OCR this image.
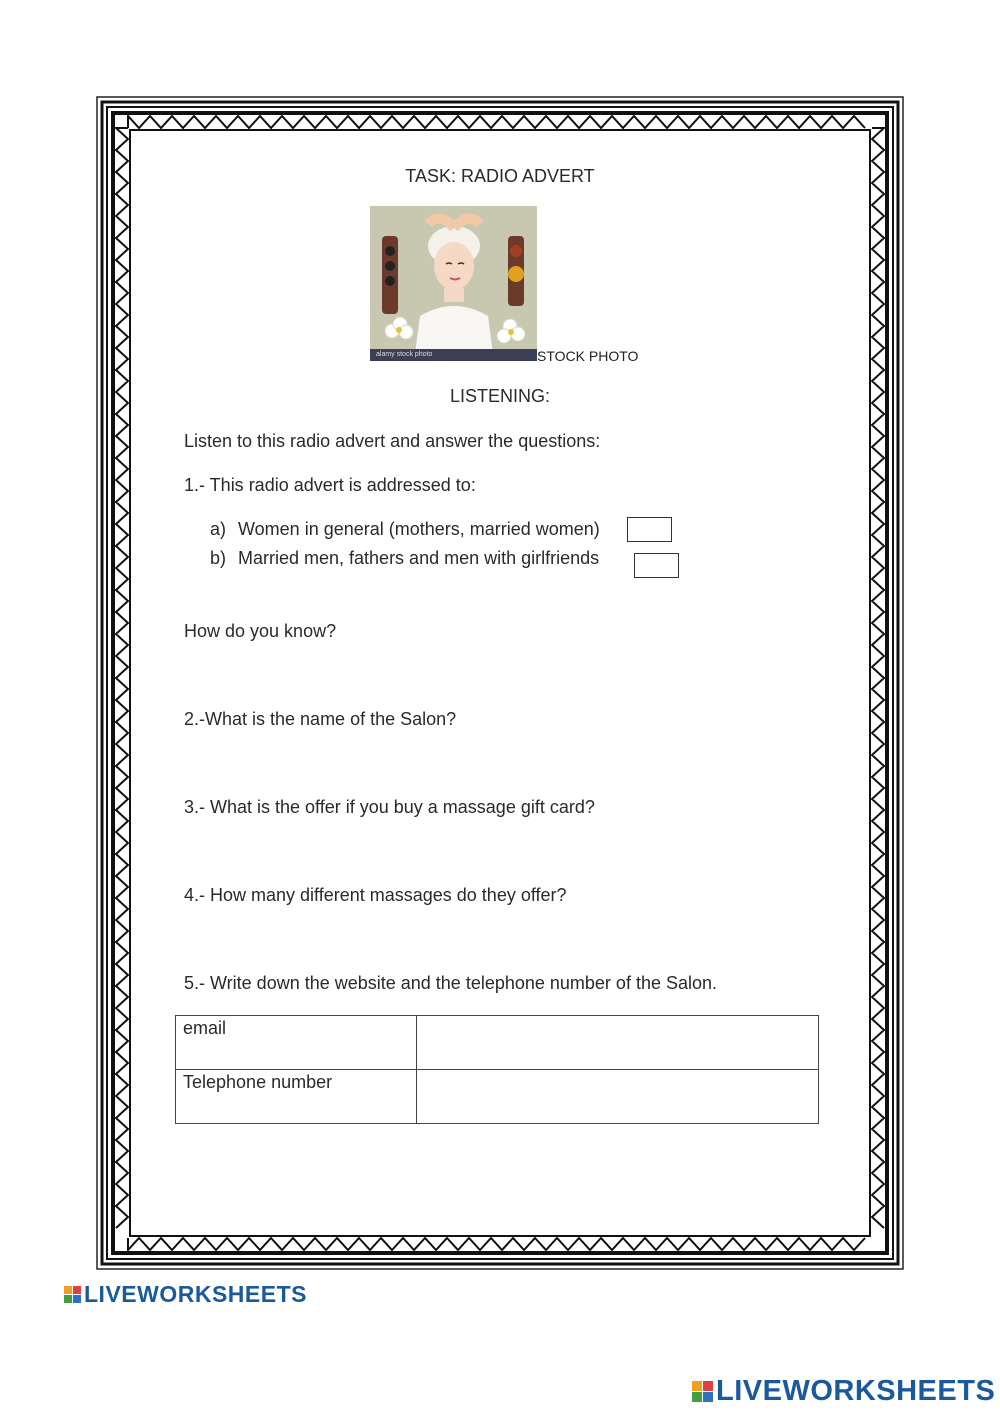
TASK: RADIO ADVERT
alamy stock photo	STOCK PHOTO
LISTENING:
Listen to this radio advert and answer the questions:
1.- This radio advert is addressed to:
a) Women in general (mothers, married women)
b) Married men, fathers and men with girlfriends
How do you know?
2.-What is the name of the Salon?
3.- What is the offer if you buy a massage gift card?
4.- How many different massages do they offer?
5.- Write down the website and the telephone number of the Salon.
email	
Telephone number	
LIVEWORKSHEETS
LIVEWORKSHEETS
